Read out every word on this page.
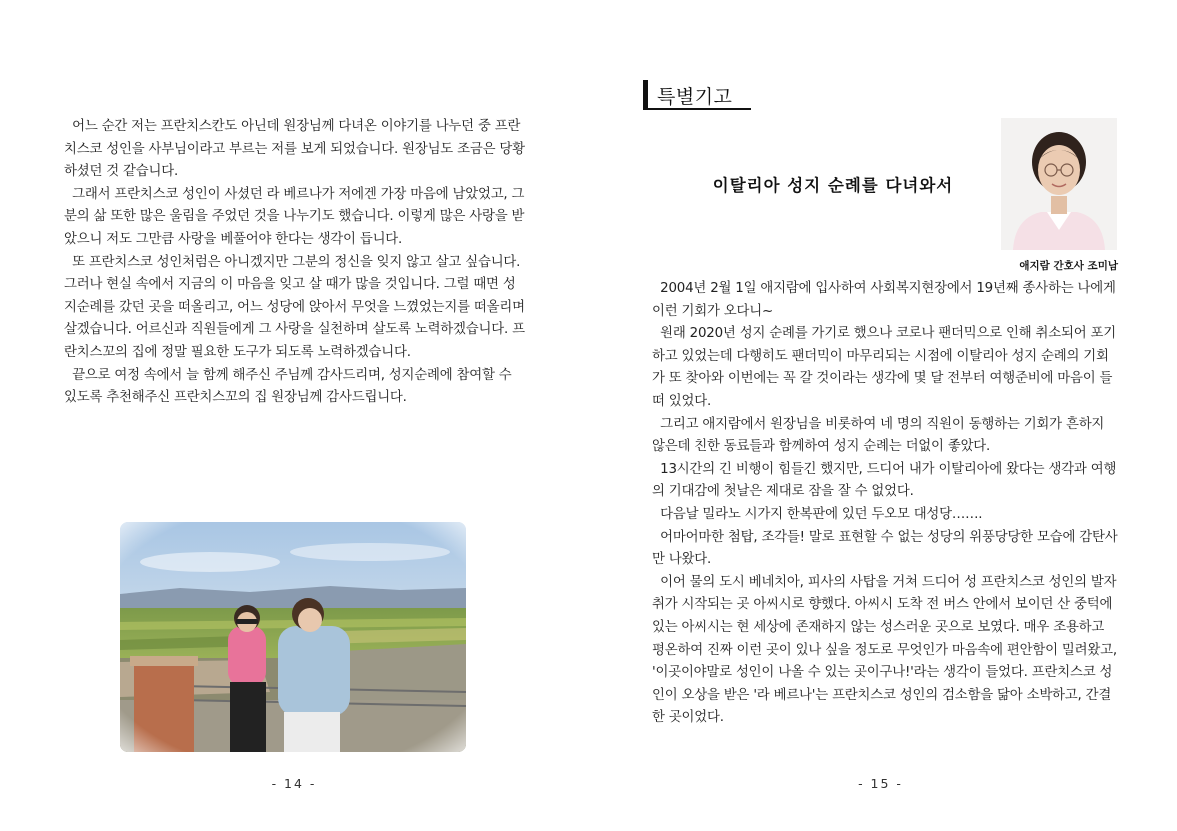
어느 순간 저는 프란치스칸도 아닌데 원장님께 다녀온 이야기를 나누던 중 프란치스코 성인을 사부님이라고 부르는 저를 보게 되었습니다. 원장님도 조금은 당황하셨던 것 같습니다.

그래서 프란치스코 성인이 사셨던 라 베르나가 저에겐 가장 마음에 남았었고, 그분의 삶 또한 많은 울림을 주었던 것을 나누기도 했습니다. 이렇게 많은 사랑을 받았으니 저도 그만큼 사랑을 베풀어야 한다는 생각이 듭니다.

또 프란치스코 성인처럼은 아니겠지만 그분의 정신을 잊지 않고 살고 싶습니다. 그러나 현실 속에서 지금의 이 마음을 잊고 살 때가 많을 것입니다. 그럴 때면 성지순례를 갔던 곳을 떠올리고, 어느 성당에 앉아서 무엇을 느꼈었는지를 떠올리며 살겠습니다. 어르신과 직원들에게 그 사랑을 실천하며 살도록 노력하겠습니다. 프란치스꼬의 집에 정말 필요한 도구가 되도록 노력하겠습니다.

끝으로 여정 속에서 늘 함께 해주신 주님께 감사드리며, 성지순례에 참여할 수 있도록 추천해주신 프란치스꼬의 집 원장님께 감사드립니다.

- 14 -
특별기고
이탈리아 성지 순례를 다녀와서
애지람 간호사 조미남

2004년 2월 1일 애지람에 입사하여 사회복지현장에서 19년째 종사하는 나에게 이런 기회가 오다니~

원래 2020년 성지 순례를 가기로 했으나 코로나 팬더믹으로 인해 취소되어 포기하고 있었는데 다행히도 팬더믹이 마무리되는 시점에 이탈리아 성지 순례의 기회가 또 찾아와 이번에는 꼭 갈 것이라는 생각에 몇 달 전부터 여행준비에 마음이 들떠 있었다.

그리고 애지람에서 원장님을 비롯하여 네 명의 직원이 동행하는 기회가 흔하지 않은데 친한 동료들과 함께하여 성지 순례는 더없이 좋았다.

13시간의 긴 비행이 힘들긴 했지만, 드디어 내가 이탈리아에 왔다는 생각과 여행의 기대감에 첫날은 제대로 잠을 잘 수 없었다.

다음날 밀라노 시가지 한복판에 있던 두오모 대성당…….

어마어마한 첨탑, 조각들! 말로 표현할 수 없는 성당의 위풍당당한 모습에 감탄사만 나왔다.

이어 물의 도시 베네치아, 피사의 사탑을 거쳐 드디어 성 프란치스코 성인의 발자취가 시작되는 곳 아씨시로 향했다. 아씨시 도착 전 버스 안에서 보이던 산 중턱에 있는 아씨시는 현 세상에 존재하지 않는 성스러운 곳으로 보였다. 매우 조용하고 평온하여 진짜 이런 곳이 있나 싶을 정도로 무엇인가 마음속에 편안함이 밀려왔고, '이곳이야말로 성인이 나올 수 있는 곳이구나!'라는 생각이 들었다. 프란치스코 성인이 오상을 받은 '라 베르나'는 프란치스코 성인의 검소함을 닮아 소박하고, 간결한 곳이었다.

- 15 -
